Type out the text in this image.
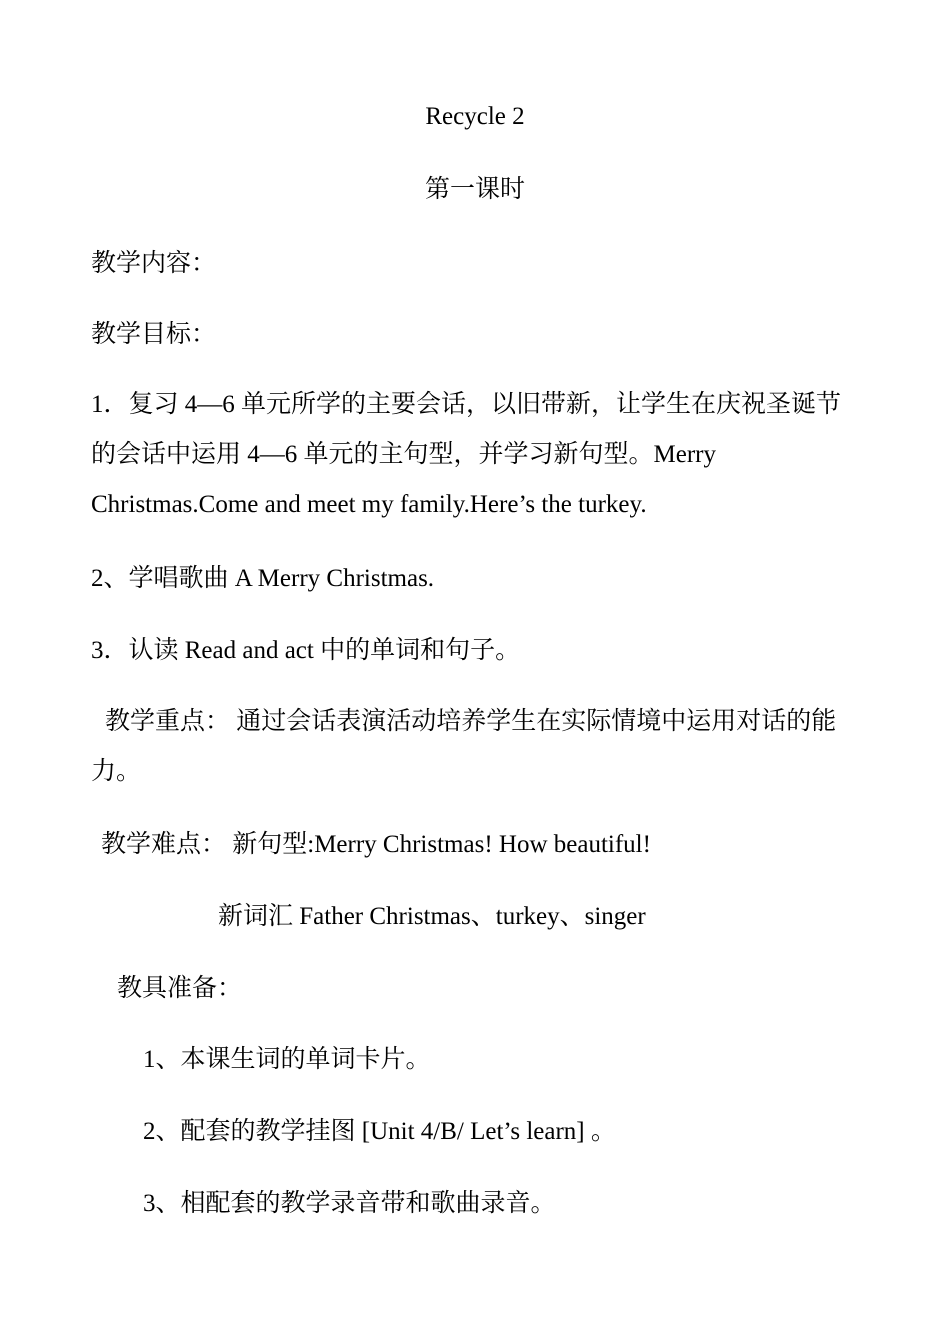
Recycle 2
第一课时
教学内容：
教学目标：
1．复习 4—6 单元所学的主要会话，以旧带新，让学生在庆祝圣诞节的会话中运用 4—6 单元的主句型，并学习新句型。Merry Christmas.Come and meet my family.Here’s the turkey.
2、学唱歌曲 A Merry Christmas.
3．认读 Read and act 中的单词和句子。
教学重点： 通过会话表演活动培养学生在实际情境中运用对话的能力。
教学难点： 新句型:Merry Christmas! How beautiful!
新词汇 Father Christmas、turkey、singer
教具准备：
1、本课生词的单词卡片。
2、配套的教学挂图 [Unit 4/B/ Let’s learn] 。
3、相配套的教学录音带和歌曲录音。
